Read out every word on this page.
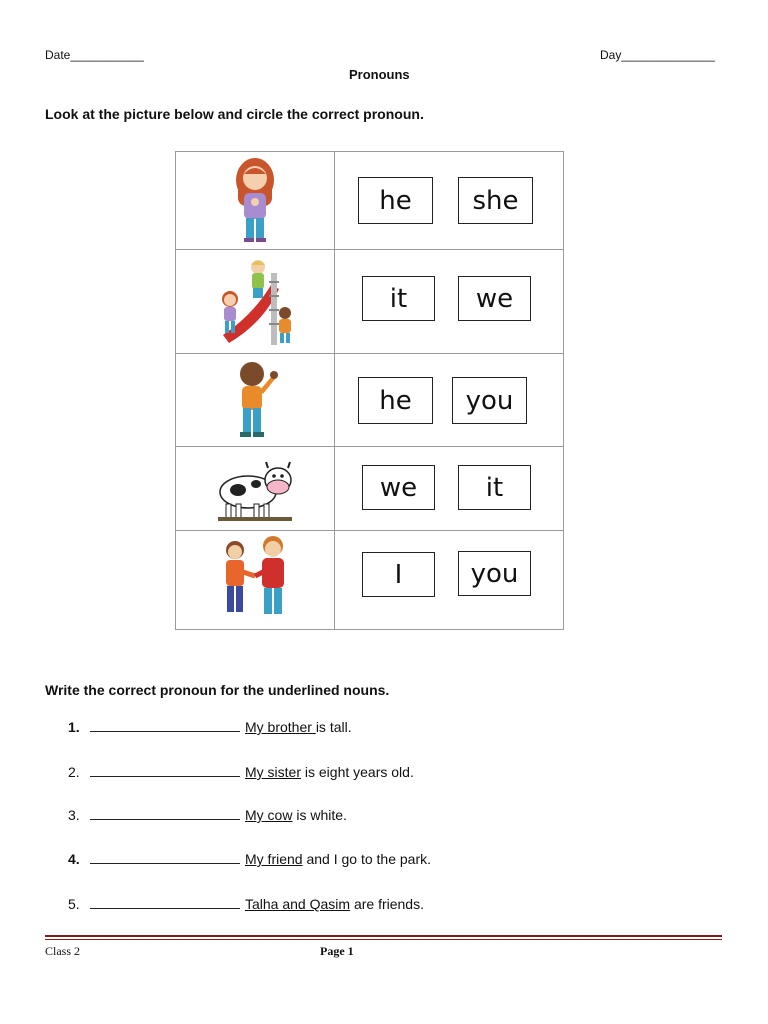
Date___________	Day______________
Pronouns
Look at the picture below and circle the correct pronoun.

he she

it we

he you

we it

I you
Write the correct pronoun for the underlined nouns.
1.	My brother is tall.
2.	My sister is eight years old.
3.	My cow is white.
4.	My friend and I go to the park.
5.	Talha and Qasim are friends.
Class 2	Page 1
